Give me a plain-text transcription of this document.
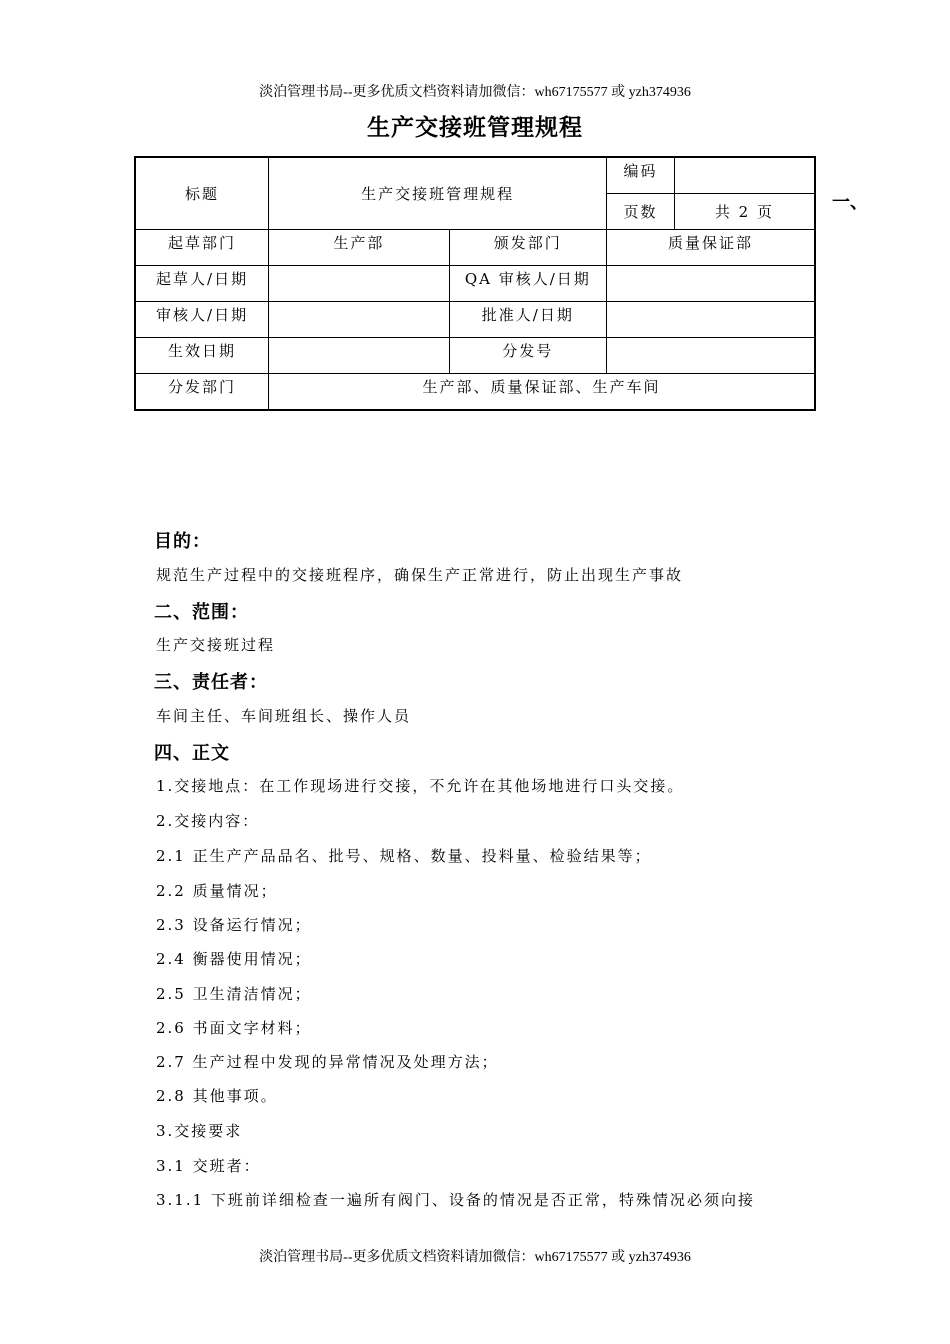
淡泊管理书局--更多优质文档资料请加微信：wh67175577 或 yzh374936
生产交接班管理规程
标题	生产交接班管理规程		编码	
			页数	共 2 页
起草部门	生产部	颁发部门	质量保证部	
起草人/日期		QA 审核人/日期		
审核人/日期		批准人/日期		
生效日期		分发号		
分发部门	生产部、质量保证部、生产车间			
一、
目的：
规范生产过程中的交接班程序，确保生产正常进行，防止出现生产事故
二、范围：
生产交接班过程
三、责任者：
车间主任、车间班组长、操作人员
四、正文
1.交接地点：在工作现场进行交接，不允许在其他场地进行口头交接。
2.交接内容：
2.1 正生产产品品名、批号、规格、数量、投料量、检验结果等；
2.2 质量情况；
2.3 设备运行情况；
2.4 衡器使用情况；
2.5 卫生清洁情况；
2.6 书面文字材料；
2.7 生产过程中发现的异常情况及处理方法；
2.8 其他事项。
3.交接要求
3.1 交班者：
3.1.1 下班前详细检查一遍所有阀门、设备的情况是否正常，特殊情况必须向接
淡泊管理书局--更多优质文档资料请加微信：wh67175577 或 yzh374936
